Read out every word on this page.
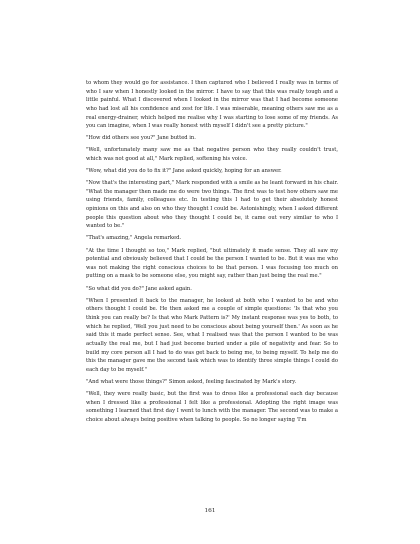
to whom they would go for assistance. I then captured who I believed I really was in terms of who I saw when I honestly looked in the mirror. I have to say that this was really tough and a little painful. What I discovered when I looked in the mirror was that I had become someone who had lost all his confidence and zest for life. I was miserable, meaning others saw me as a real energy-drainer, which helped me realise why I was starting to lose some of my friends. As you can imagine, when I was really honest with myself I didn't see a pretty picture."

"How did others see you?" Jane butted in.

"Well, unfortunately many saw me as that negative person who they really couldn't trust, which was not good at all," Mark replied, softening his voice.

"Wow, what did you do to fix it?" Jane asked quickly, hoping for an answer.

"Now that's the interesting part," Mark responded with a smile as he leant forward in his chair. "What the manager then made me do were two things. The first was to test how others saw me using friends, family, colleagues etc. In testing this I had to get their absolutely honest opinions on this and also on who they thought I could be. Astonishingly, when I asked different people this question about who they thought I could be, it came out very similar to who I wanted to be."

"That's amazing," Angela remarked.

"At the time I thought so too," Mark replied, "but ultimately it made sense. They all saw my potential and obviously believed that I could be the person I wanted to be. But it was me who was not making the right conscious choices to be that person. I was focusing too much on putting on a mask to be someone else, you might say, rather than just being the real me."

"So what did you do?" Jane asked again.

"When I presented it back to the manager, he looked at both who I wanted to be and who others thought I could be. He then asked me a couple of simple questions: 'Is that who you think you can really be? Is that who Mark Pattern is?' My instant response was yes to both, to which he replied, 'Well you just need to be conscious about being yourself then.' As soon as he said this it made perfect sense. See, what I realised was that the person I wanted to be was actually the real me, but I had just become buried under a pile of negativity and fear. So to build my core person all I had to do was get back to being me, to being myself. To help me do this the manager gave me the second task which was to identify three simple things I could do each day to be myself."

"And what were those things?" Simon asked, feeling fascinated by Mark's story.

"Well, they were really basic, but the first was to dress like a professional each day because when I dressed like a professional I felt like a professional. Adopting the right image was something I learned that first day I went to lunch with the manager. The second was to make a choice about always being positive when talking to people. So no longer saying 'I'm

161
